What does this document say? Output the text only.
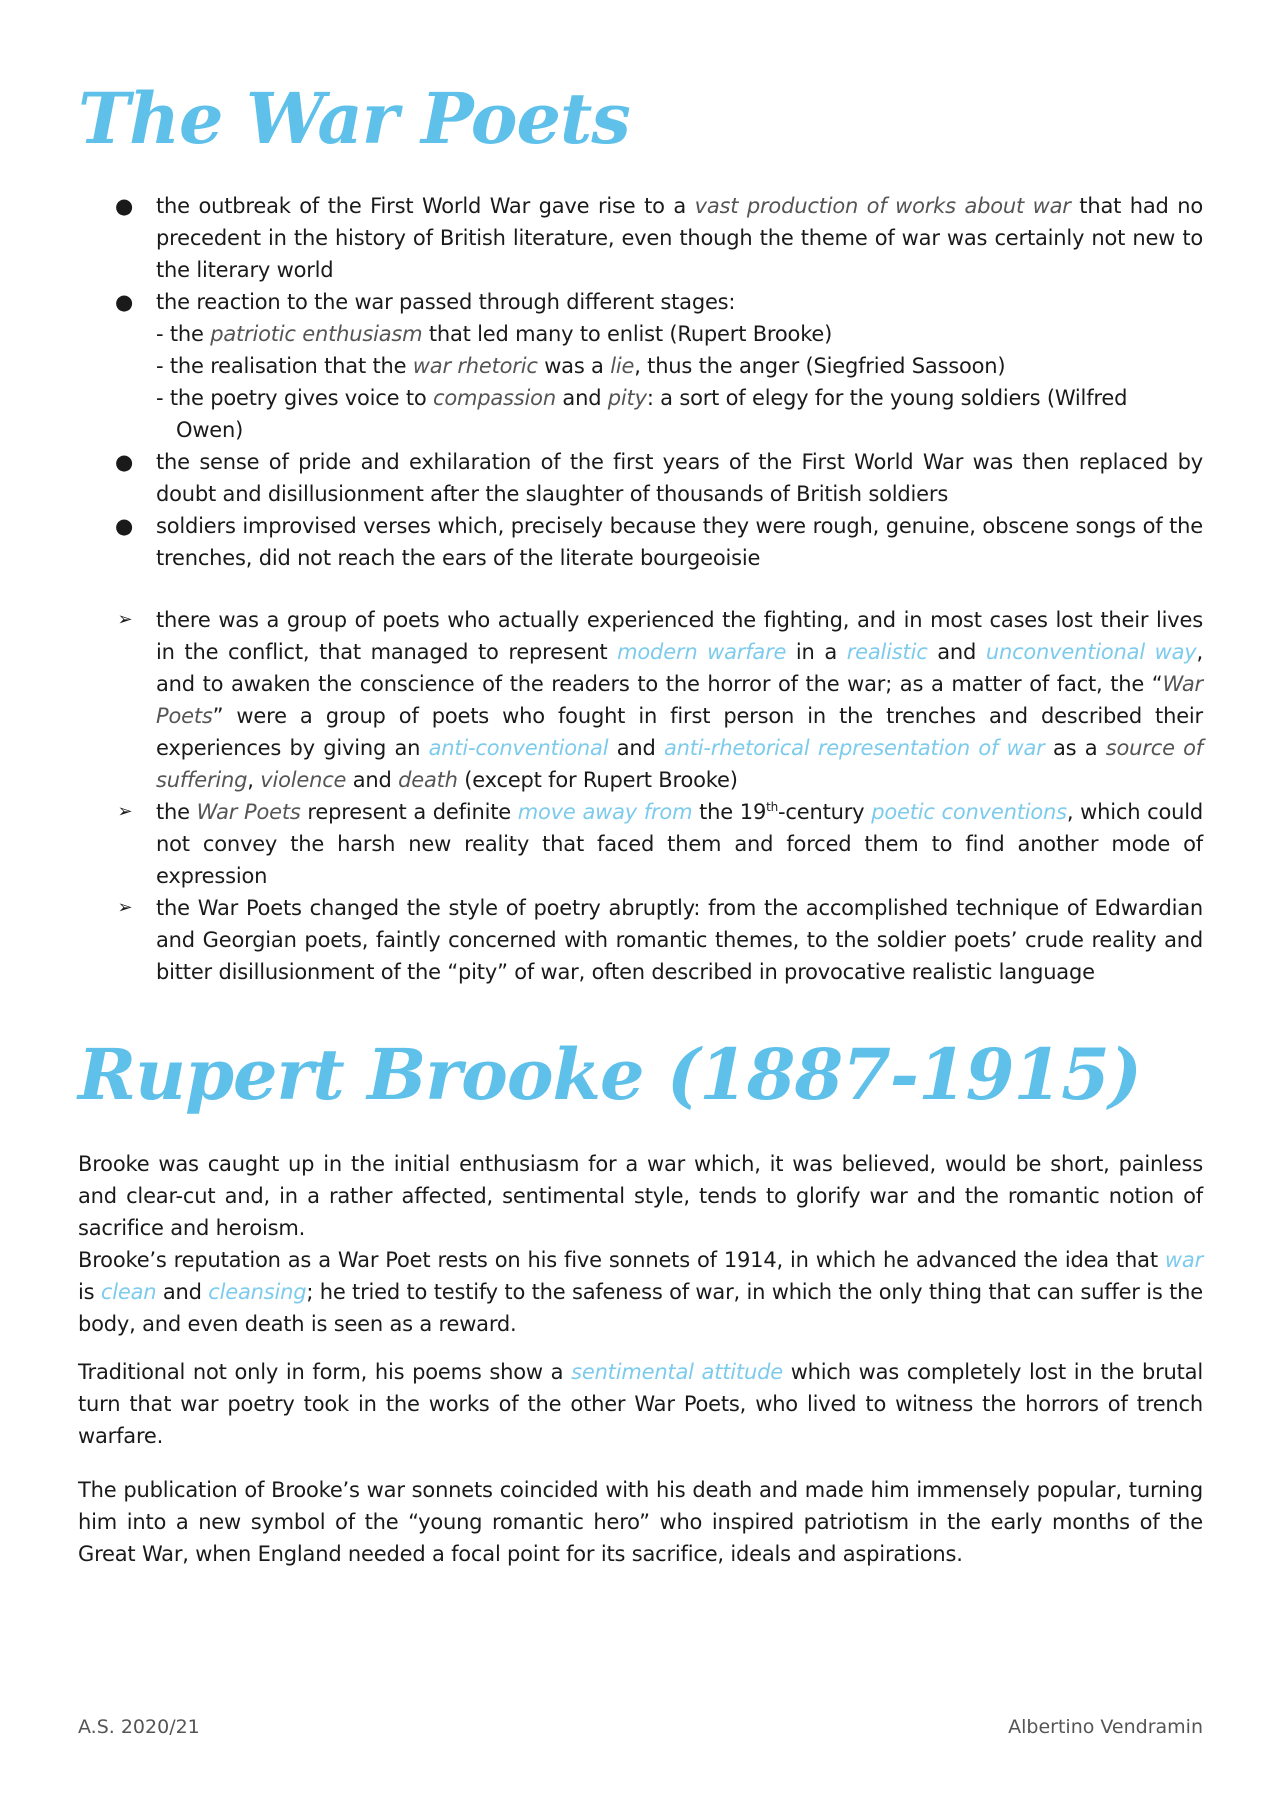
The War Poets
● the outbreak of the First World War gave rise to a vast production of works about war that had no precedent in the history of British literature, even though the theme of war was certainly not new to the literary world
● the reaction to the war passed through different stages:
- the patriotic enthusiasm that led many to enlist (Rupert Brooke)
- the realisation that the war rhetoric was a lie, thus the anger (Siegfried Sassoon)
- the poetry gives voice to compassion and pity: a sort of elegy for the young soldiers (Wilfred
Owen)
● the sense of pride and exhilaration of the first years of the First World War was then replaced by doubt and disillusionment after the slaughter of thousands of British soldiers
● soldiers improvised verses which, precisely because they were rough, genuine, obscene songs of the trenches, did not reach the ears of the literate bourgeoisie
➢ there was a group of poets who actually experienced the fighting, and in most cases lost their lives in the conflict, that managed to represent modern warfare in a realistic and unconventional way, and to awaken the conscience of the readers to the horror of the war; as a matter of fact, the “War Poets” were a group of poets who fought in first person in the trenches and described their experiences by giving an anti-conventional and anti-rhetorical representation of war as a source of suffering, violence and death (except for Rupert Brooke)
➢ the War Poets represent a definite move away from the 19th-century poetic conventions, which could not convey the harsh new reality that faced them and forced them to find another mode of expression
➢ the War Poets changed the style of poetry abruptly: from the accomplished technique of Edwardian and Georgian poets, faintly concerned with romantic themes, to the soldier poets’ crude reality and bitter disillusionment of the “pity” of war, often described in provocative realistic language
Rupert Brooke (1887-1915)

Brooke was caught up in the initial enthusiasm for a war which, it was believed, would be short, painless and clear-cut and, in a rather affected, sentimental style, tends to glorify war and the romantic notion of sacrifice and heroism.
Brooke’s reputation as a War Poet rests on his five sonnets of 1914, in which he advanced the idea that war is clean and cleansing; he tried to testify to the safeness of war, in which the only thing that can suffer is the body, and even death is seen as a reward.

Traditional not only in form, his poems show a sentimental attitude which was completely lost in the brutal turn that war poetry took in the works of the other War Poets, who lived to witness the horrors of trench warfare.

The publication of Brooke’s war sonnets coincided with his death and made him immensely popular, turning him into a new symbol of the “young romantic hero” who inspired patriotism in the early months of the Great War, when England needed a focal point for its sacrifice, ideals and aspirations.

A.S. 2020/21	Albertino Vendramin
